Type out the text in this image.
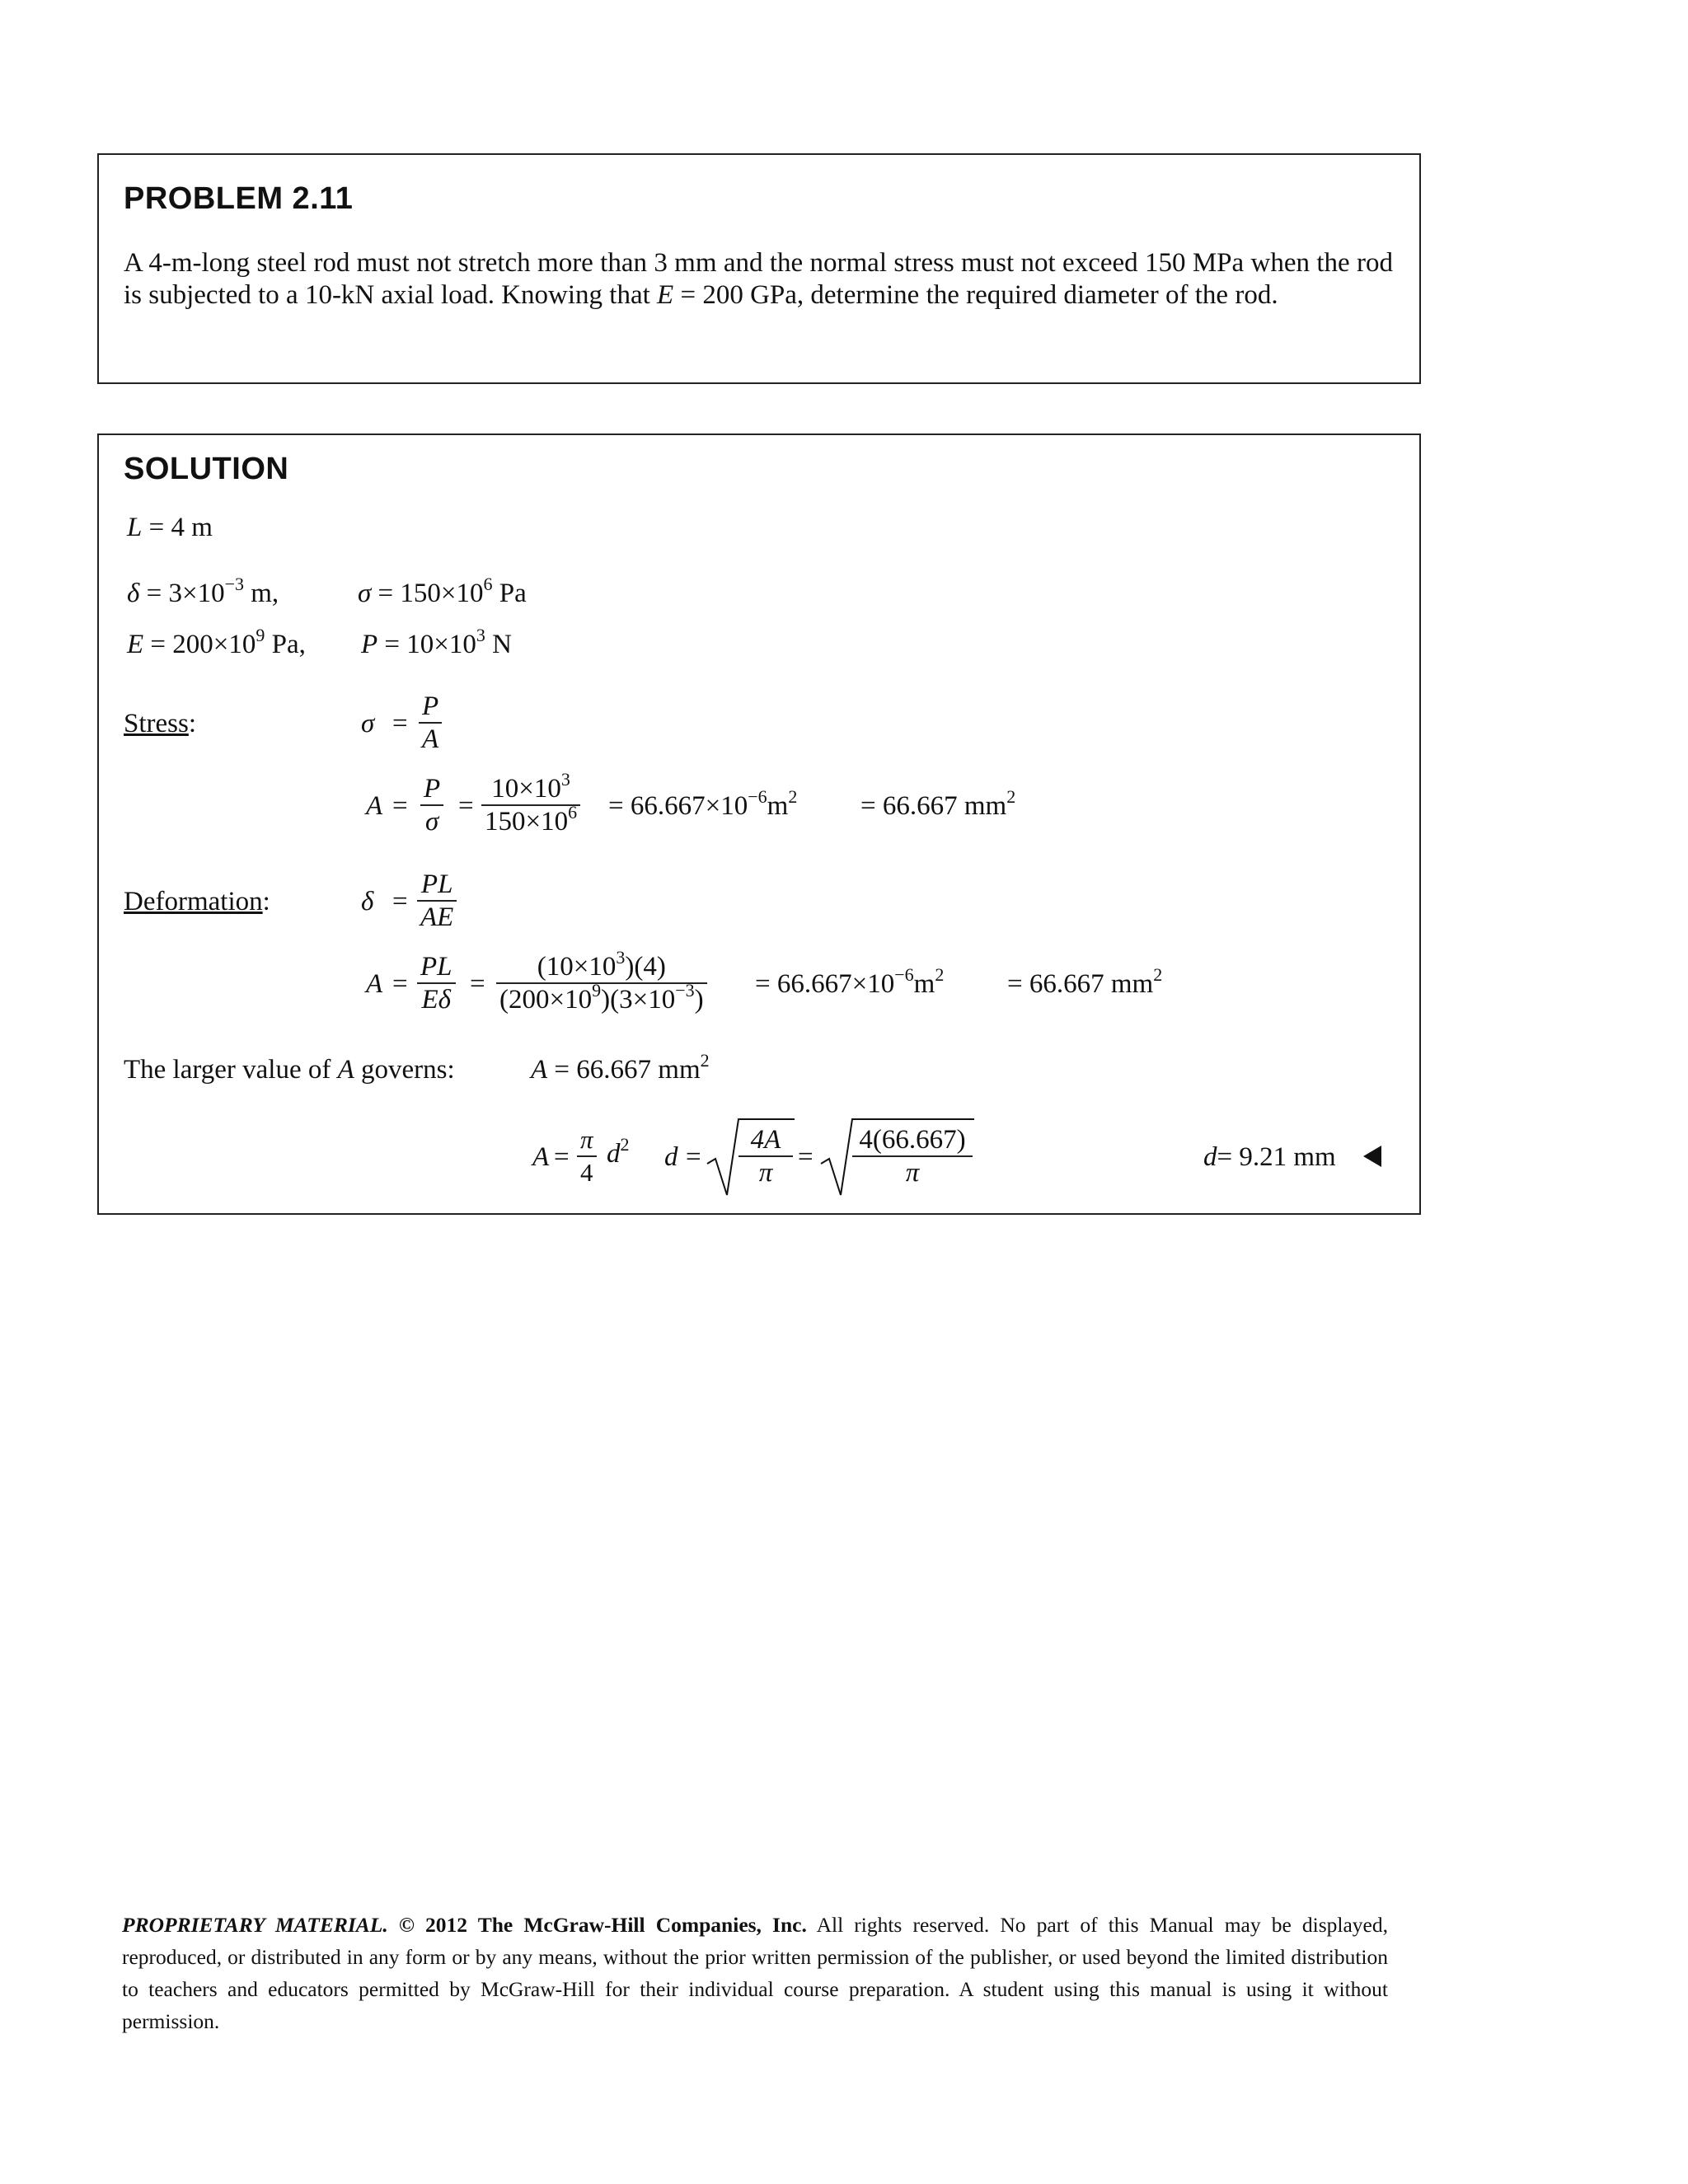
PROBLEM 2.11
A 4-m-long steel rod must not stretch more than 3 mm and the normal stress must not exceed 150 MPa when the rod is subjected to a 10-kN axial load. Knowing that E = 200 GPa, determine the required diameter of the rod.
SOLUTION
L = 4 m
$\delta = 3\times 10^{-3}$ m,	$\sigma = 150\times 10^6$ Pa
$E = 200\times 10^9$ Pa, $P = 10\times 10^3$ N
Stress:	$\sigma = \frac{P}{A}$
$A = \frac{P}{\sigma} = \frac{10\times 10^3}{150\times 10^6} = 66.667\times 10^{-6}m^2 = 66.667$ $mm^2$
Deformation:	$\delta = \frac{PL}{AE}$
$A = \frac{PL}{E\delta} = \frac{(10\times 10^3)(4)}{(200\times 10^9)(3\times 10^{-3})} = 66.667\times 10^{-6}m^2 = 66.667$ $mm^2$
The larger value of A governs:	A = 66.667 $mm^2$
$A = \frac{\pi}{4} d^2$ $d = \frac{4A}{\pi} = \frac{4(66.667)}{\pi}$	d= 9.21 mm
PROPRIETARY MATERIAL. © 2012 The McGraw-Hill Companies, Inc. All rights reserved. No part of this Manual may be displayed, reproduced, or distributed in any form or by any means, without the prior written permission of the publisher, or used beyond the limited distribution to teachers and educators permitted by McGraw-Hill for their individual course preparation. A student using this manual is using it without permission.
